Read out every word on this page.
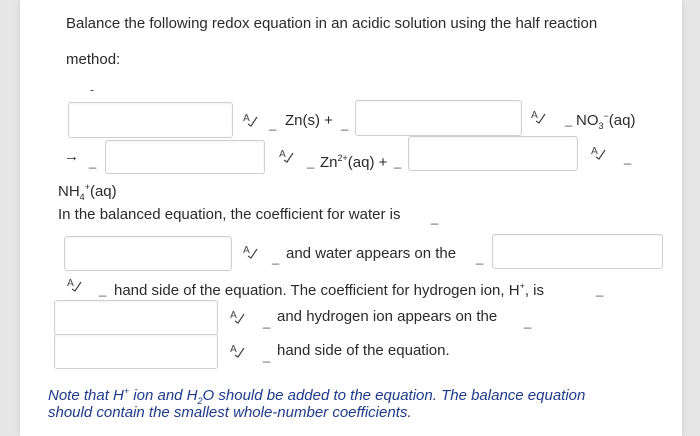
Balance the following redox equation in an acidic solution using the half reaction
method:
-
A _ Zn(s) + _
A _ $NO_3^-(aq)$
→ _	A _ $Zn^{2+}(aq)$ + _
A _
$NH_4^+(aq)$
In the balanced equation, the coefficient for water is _
A _ and water appears on the _
A _ hand side of the equation. The coefficient for hydrogen ion, H+, is	_
A _ and hydrogen ion appears on the _
A _ hand side of the equation.
Note that H+ ion and $H_2O$ should be added to the equation. The balance equation
should contain the smallest whole-number coefficients.
